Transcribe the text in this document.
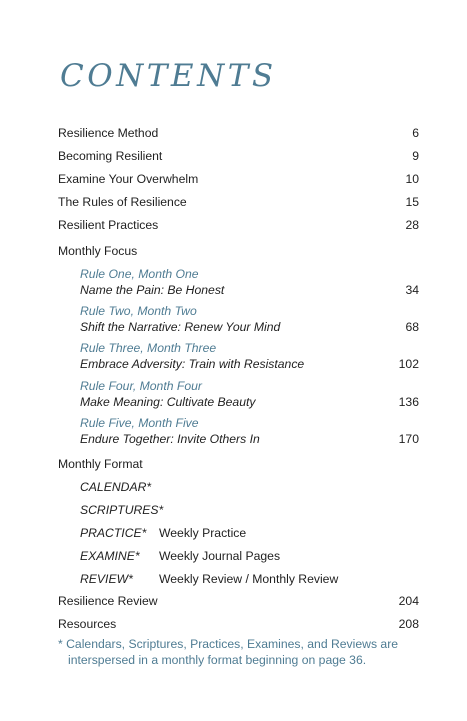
CONTENTS
Resilience Method	6
Becoming Resilient	9
Examine Your Overwhelm	10
The Rules of Resilience	15
Resilient Practices	28
Monthly Focus
Rule One, Month One
Name the Pain: Be Honest	34
Rule Two, Month Two
Shift the Narrative: Renew Your Mind	68
Rule Three, Month Three
Embrace Adversity: Train with Resistance	102
Rule Four, Month Four
Make Meaning: Cultivate Beauty	136
Rule Five, Month Five
Endure Together: Invite Others In	170
Monthly Format
CALENDAR*
SCRIPTURES*
PRACTICE*	Weekly Practice
EXAMINE*	Weekly Journal Pages
REVIEW*	Weekly Review / Monthly Review
Resilience Review	204
Resources	208
* Calendars, Scriptures, Practices, Examines, and Reviews are
interspersed in a monthly format beginning on page 36.
